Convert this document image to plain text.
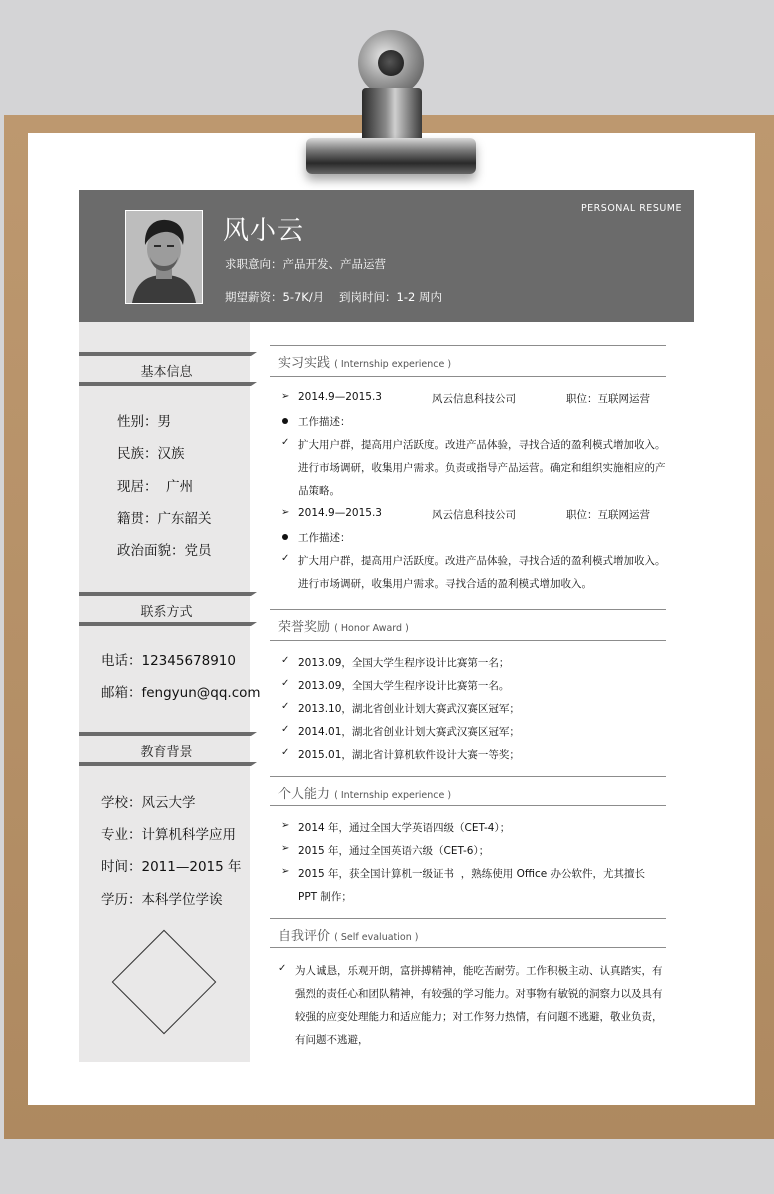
风小云
求职意向：产品开发、产品运营
期望薪资：5-7K/月 到岗时间：1-2 周内
PERSONAL RESUME
基本信息
性别：男
民族：汉族
现居：  广州
籍贯：广东韶关
政治面貌：党员
联系方式
电话：12345678910
邮箱：fengyun@qq.com
教育背景
学校：风云大学
专业：计算机科学应用
时间：2011—2015 年
学历：本科学位学诶
实习实践 ( Internship experience )
➢ 2014.9—2015.3	风云信息科技公司	职位：互联网运营
工作描述：
✓ 扩大用户群，提高用户活跃度。改进产品体验，寻找合适的盈利模式增加收入。
进行市场调研，收集用户需求。负责或指导产品运营。确定和组织实施相应的产
品策略。
➢ 2014.9—2015.3	风云信息科技公司	职位：互联网运营
工作描述：
✓ 扩大用户群，提高用户活跃度。改进产品体验，寻找合适的盈利模式增加收入。
进行市场调研，收集用户需求。寻找合适的盈利模式增加收入。
荣誉奖励 ( Honor Award )
✓ 2013.09，全国大学生程序设计比赛第一名；
✓ 2013.09，全国大学生程序设计比赛第一名。
✓ 2013.10，湖北省创业计划大赛武汉赛区冠军；
✓ 2014.01，湖北省创业计划大赛武汉赛区冠军；
✓ 2015.01，湖北省计算机软件设计大赛一等奖；
个人能力 ( Internship experience )
➢ 2014 年，通过全国大学英语四级（CET-4）；
➢ 2015 年，通过全国英语六级（CET-6）；
➢ 2015 年，获全国计算机一级证书  ，熟练使用 Office 办公软件，尤其擅长
PPT 制作；
自我评价 ( Self evaluation )
✓ 为人诚恳，乐观开朗，富拼搏精神，能吃苦耐劳。工作积极主动、认真踏实，有
强烈的责任心和团队精神，有较强的学习能力。对事物有敏锐的洞察力以及具有
较强的应变处理能力和适应能力；对工作努力热情，有问题不逃避，敬业负责，
有问题不逃避，
